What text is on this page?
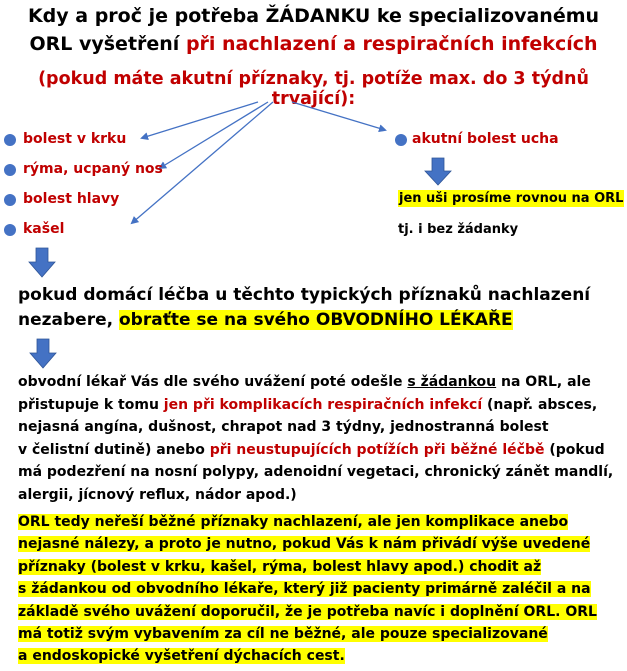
Kdy a proč je potřeba ŽÁDANKU ke specializovanému
ORL vyšetření při nachlazení a respiračních infekcích
(pokud máte akutní příznaky, tj. potíže max. do 3 týdnů trvající):
bolest v krku
rýma, ucpaný nos
bolest hlavy
kašel
akutní bolest ucha
jen uši prosíme rovnou na ORL
tj. i bez žádanky
pokud domácí léčba u těchto typických příznaků nachlazení
nezabere, obraťte se na svého OBVODNÍHO LÉKAŘE
obvodní lékař Vás dle svého uvážení poté odešle s žádankou na ORL, ale
přistupuje k tomu jen při komplikacích respiračních infekcí (např. absces,
nejasná angína, dušnost, chrapot nad 3 týdny, jednostranná bolest
v čelistní dutině) anebo při neustupujících potížích při běžné léčbě (pokud
má podezření na nosní polypy, adenoidní vegetaci, chronický zánět mandlí,
alergii, jícnový reflux, nádor apod.)
ORL tedy neřeší běžné příznaky nachlazení, ale jen komplikace anebo
nejasné nálezy, a proto je nutno, pokud Vás k nám přivádí výše uvedené
příznaky (bolest v krku, kašel, rýma, bolest hlavy apod.) chodit až
s žádankou od obvodního lékaře, který již pacienty primárně zaléčil a na
základě svého uvážení doporučil, že je potřeba navíc i doplnění ORL. ORL
má totiž svým vybavením za cíl ne běžné, ale pouze specializované
a endoskopické vyšetření dýchacích cest.
